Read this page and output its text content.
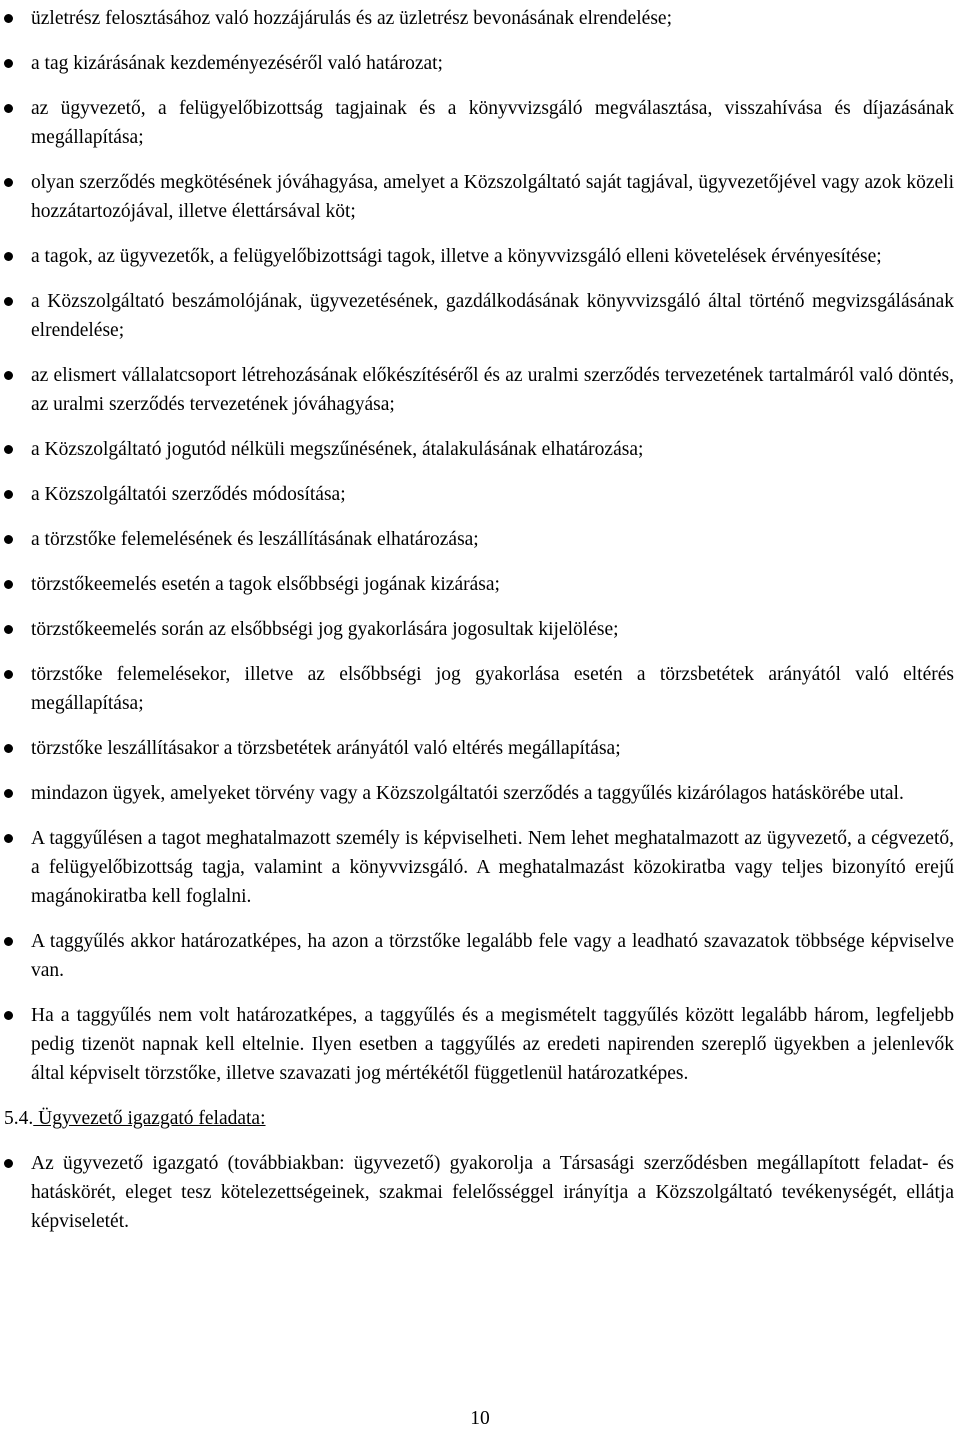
üzletrész felosztásához való hozzájárulás és az üzletrész bevonásának elrendelése;
a tag kizárásának kezdeményezéséről való határozat;
az ügyvezető, a felügyelőbizottság tagjainak és a könyvvizsgáló megválasztása, visszahívása és díjazásának megállapítása;
olyan szerződés megkötésének jóváhagyása, amelyet a Közszolgáltató saját tagjával, ügyvezetőjével vagy azok közeli hozzátartozójával, illetve élettársával köt;
a tagok, az ügyvezetők, a felügyelőbizottsági tagok, illetve a könyvvizsgáló elleni követelések érvényesítése;
a Közszolgáltató beszámolójának, ügyvezetésének, gazdálkodásának könyvvizsgáló által történő megvizsgálásának elrendelése;
az elismert vállalatcsoport létrehozásának előkészítéséről és az uralmi szerződés tervezetének tartalmáról való döntés, az uralmi szerződés tervezetének jóváhagyása;
a Közszolgáltató jogutód nélküli megszűnésének, átalakulásának elhatározása;
a Közszolgáltatói szerződés módosítása;
a törzstőke felemelésének és leszállításának elhatározása;
törzstőkeemelés esetén a tagok elsőbbségi jogának kizárása;
törzstőkeemelés során az elsőbbségi jog gyakorlására jogosultak kijelölése;
törzstőke felemelésekor, illetve az elsőbbségi jog gyakorlása esetén a törzsbetétek arányától való eltérés megállapítása;
törzstőke leszállításakor a törzsbetétek arányától való eltérés megállapítása;
mindazon ügyek, amelyeket törvény vagy a Közszolgáltatói szerződés a taggyűlés kizárólagos hatáskörébe utal.
A taggyűlésen a tagot meghatalmazott személy is képviselheti. Nem lehet meghatalmazott az ügyvezető, a cégvezető, a felügyelőbizottság tagja, valamint a könyvvizsgáló. A meghatalmazást közokiratba vagy teljes bizonyító erejű magánokiratba kell foglalni.
A taggyűlés akkor határozatképes, ha azon a törzstőke legalább fele vagy a leadható szavazatok többsége képviselve van.
Ha a taggyűlés nem volt határozatképes, a taggyűlés és a megismételt taggyűlés között legalább három, legfeljebb pedig tizenöt napnak kell eltelnie. Ilyen esetben a taggyűlés az eredeti napirenden szereplő ügyekben a jelenlevők által képviselt törzstőke, illetve szavazati jog mértékétől függetlenül határozatképes.
5.4. Ügyvezető igazgató feladata:
Az ügyvezető igazgató (továbbiakban: ügyvezető) gyakorolja a Társasági szerződésben megállapított feladat- és hatáskörét, eleget tesz kötelezettségeinek, szakmai felelősséggel irányítja a Közszolgáltató tevékenységét, ellátja képviseletét.
10
